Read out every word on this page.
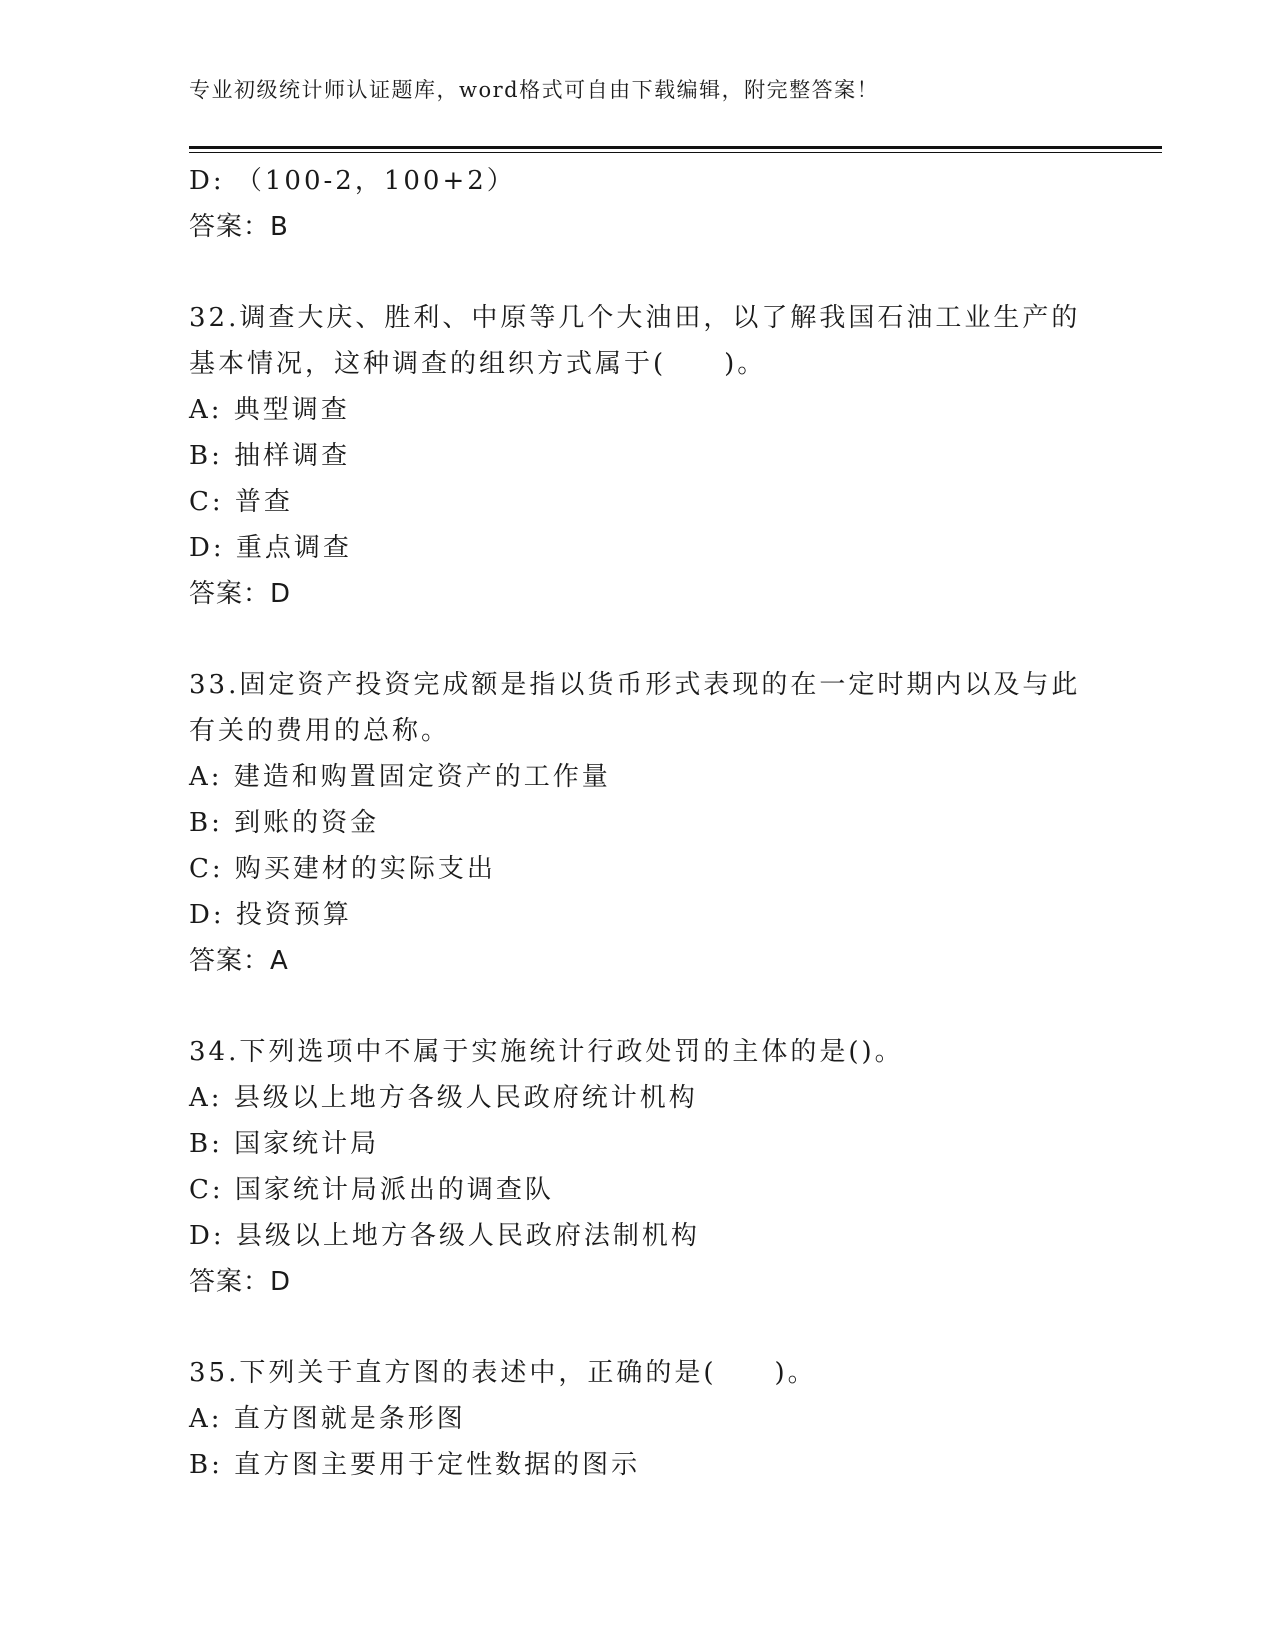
专业初级统计师认证题库，word格式可自由下载编辑，附完整答案！
D: （100-2，100+2）
答案：B
32.调查大庆、胜利、中原等几个大油田，以了解我国石油工业生产的
基本情况，这种调查的组织方式属于(　　)。
A: 典型调查
B: 抽样调查
C: 普查
D: 重点调查
答案：D
33.固定资产投资完成额是指以货币形式表现的在一定时期内以及与此
有关的费用的总称。
A: 建造和购置固定资产的工作量
B: 到账的资金
C: 购买建材的实际支出
D: 投资预算
答案：A
34.下列选项中不属于实施统计行政处罚的主体的是()。
A: 县级以上地方各级人民政府统计机构
B: 国家统计局
C: 国家统计局派出的调查队
D: 县级以上地方各级人民政府法制机构
答案：D
35.下列关于直方图的表述中，正确的是(　　)。
A: 直方图就是条形图
B: 直方图主要用于定性数据的图示
